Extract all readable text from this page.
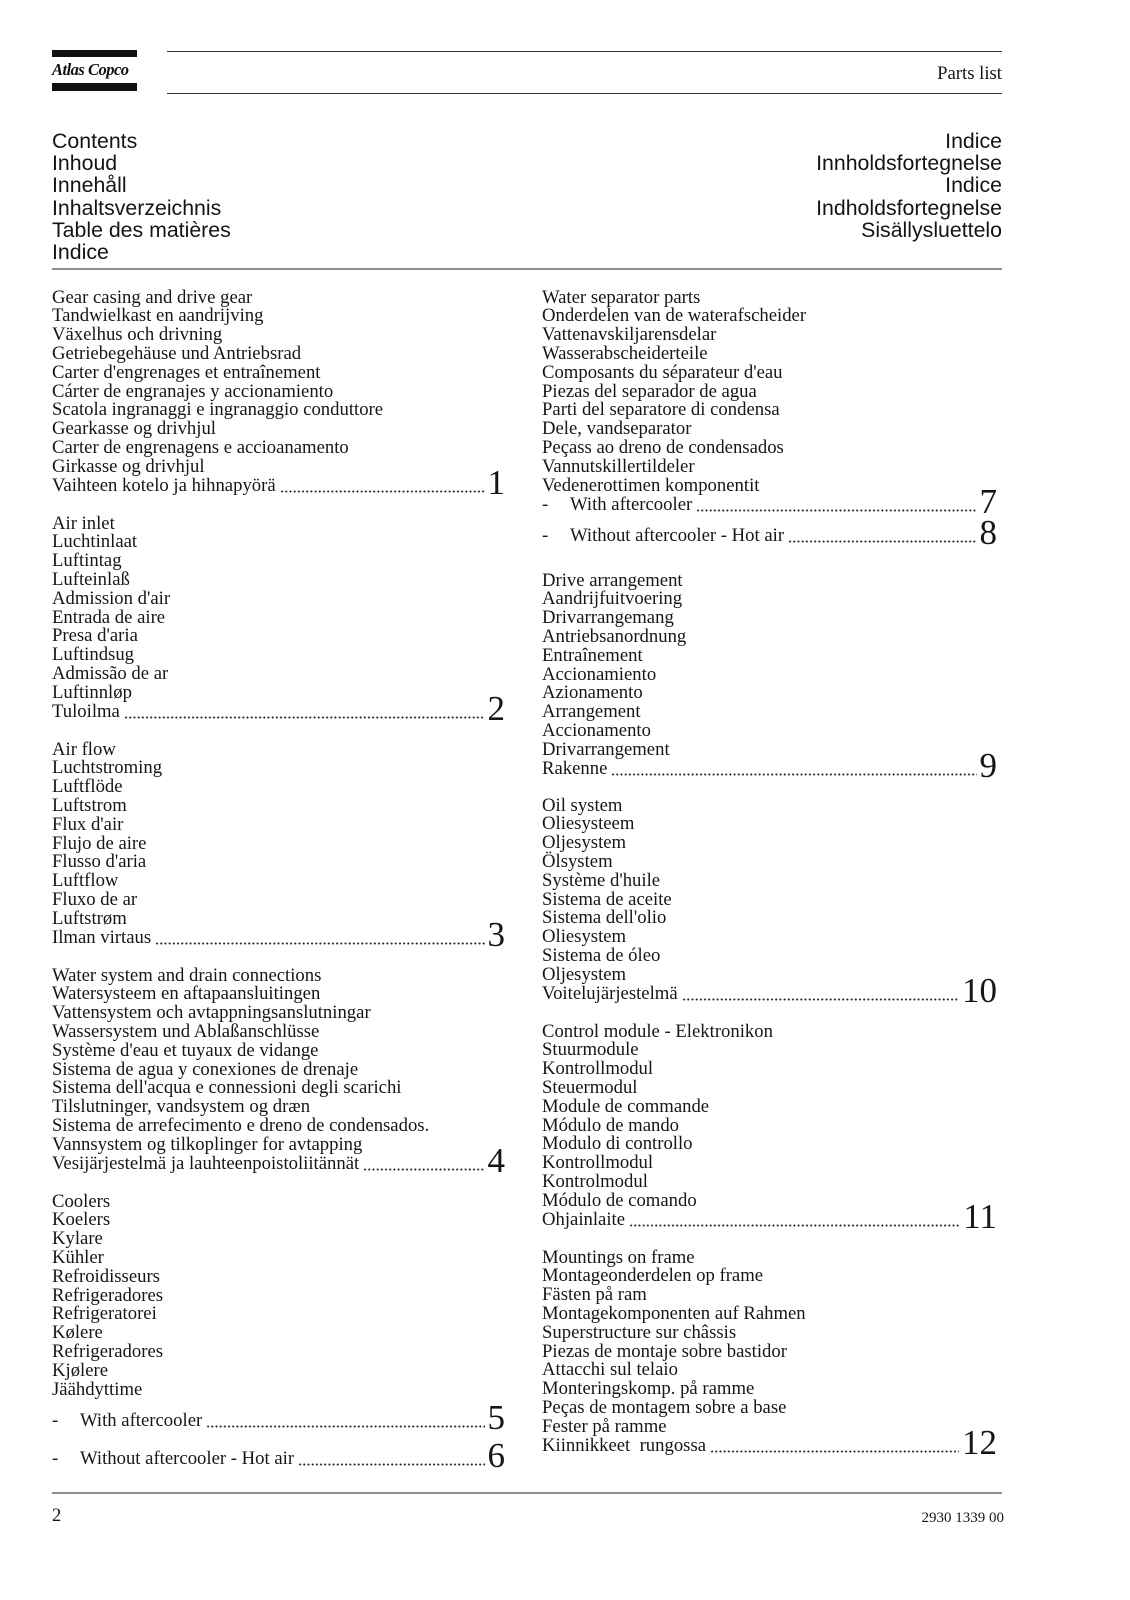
Atlas Copco	Parts list
Contents
Inhoud
Innehåll
Inhaltsverzeichnis
Table des matières
Indice
Indice
Innholdsfortegnelse
Indice
Indholdsfortegnelse
Sisällysluettelo
Gear casing and drive gear
Tandwielkast en aandrijving
Växelhus och drivning
Getriebegehäuse und Antriebsrad
Carter d'engrenages et entraînement
Cárter de engranajes y accionamiento
Scatola ingranaggi e ingranaggio conduttore
Gearkasse og drivhjul
Carter de engrenagens e accioanamento
Girkasse og drivhjul
Vaihteen kotelo ja hihnapyörä	1
Air inlet
Luchtinlaat
Luftintag
Lufteinlaß
Admission d'air
Entrada de aire
Presa d'aria
Luftindsug
Admissão de ar
Luftinnløp
Tuloilma	2
Air flow
Luchtstroming
Luftflöde
Luftstrom
Flux d'air
Flujo de aire
Flusso d'aria
Luftflow
Fluxo de ar
Luftstrøm
Ilman virtaus	3
Water system and drain connections
Watersysteem en aftapaansluitingen
Vattensystem och avtappningsanslutningar
Wassersystem und Ablaßanschlüsse
Système d'eau et tuyaux de vidange
Sistema de agua y conexiones de drenaje
Sistema dell'acqua e connessioni degli scarichi
Tilslutninger, vandsystem og dræn
Sistema de arrefecimento e dreno de condensados.
Vannsystem og tilkoplinger for avtapping
Vesijärjestelmä ja lauhteenpoistoliitännät	4
Coolers
Koelers
Kylare
Kühler
Refroidisseurs
Refrigeradores
Refrigeratorei
Kølere
Refrigeradores
Kjølere
Jäähdyttime
- With aftercooler	5
- Without aftercooler - Hot air	6
Water separator parts
Onderdelen van de waterafscheider
Vattenavskiljarensdelar
Wasserabscheiderteile
Composants du séparateur d'eau
Piezas del separador de agua
Parti del separatore di condensa
Dele, vandseparator
Peçass ao dreno de condensados
Vannutskillertildeler
Vedenerottimen komponentit
- With aftercooler	7
- Without aftercooler - Hot air	8
Drive arrangement
Aandrijfuitvoering
Drivarrangemang
Antriebsanordnung
Entraînement
Accionamiento
Azionamento
Arrangement
Accionamento
Drivarrangement
Rakenne	9
Oil system
Oliesysteem
Oljesystem
Ölsystem
Système d'huile
Sistema de aceite
Sistema dell'olio
Oliesystem
Sistema de óleo
Oljesystem
Voitelujärjestelmä	10
Control module - Elektronikon
Stuurmodule
Kontrollmodul
Steuermodul
Module de commande
Módulo de mando
Modulo di controllo
Kontrollmodul
Kontrolmodul
Módulo de comando
Ohjainlaite	11
Mountings on frame
Montageonderdelen op frame
Fästen på ram
Montagekomponenten auf Rahmen
Superstructure sur châssis
Piezas de montaje sobre bastidor
Attacchi sul telaio
Monteringskomp. på ramme
Peças de montagem sobre a base
Fester på ramme
Kiinnikkeet  rungossa	12
2	2930 1339 00
